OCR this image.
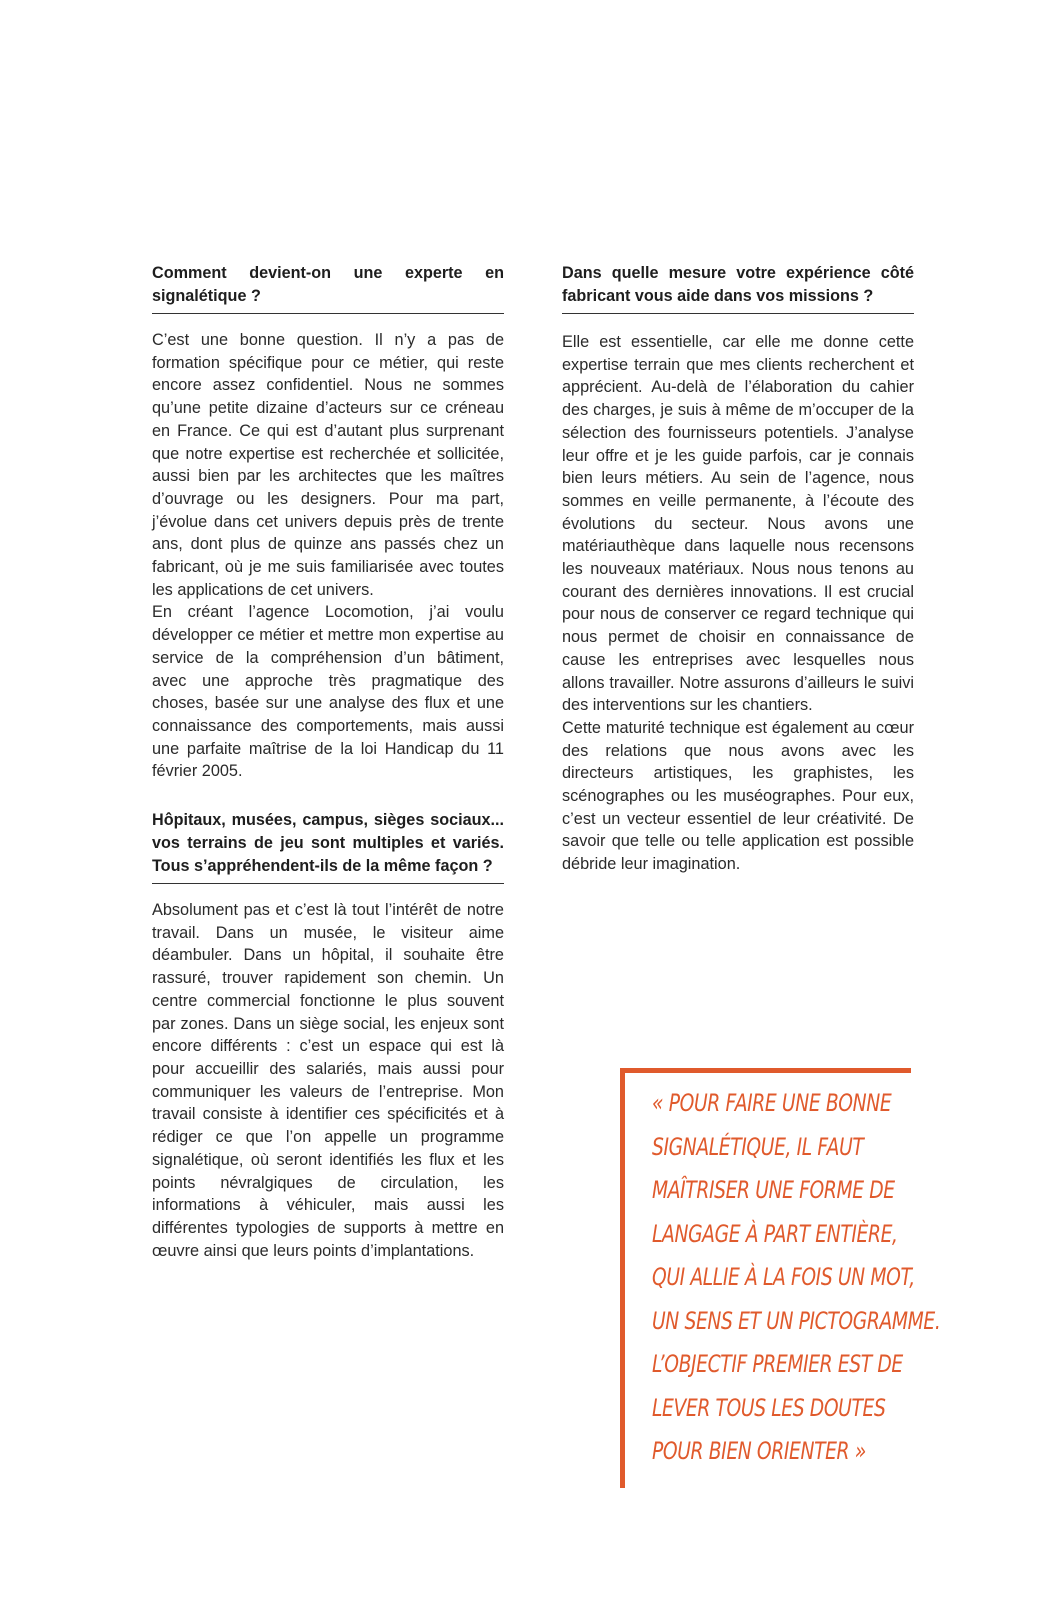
Comment devient-on une experte en signalétique ?

C’est une bonne question. Il n’y a pas de formation spécifique pour ce métier, qui reste encore assez confidentiel. Nous ne sommes qu’une petite dizaine d’acteurs sur ce créneau en France. Ce qui est d’autant plus surprenant que notre expertise est recherchée et sollicitée, aussi bien par les architectes que les maîtres d’ouvrage ou les designers. Pour ma part, j’évolue dans cet univers depuis près de trente ans, dont plus de quinze ans passés chez un fabricant, où je me suis familiarisée avec toutes les applications de cet univers.

En créant l’agence Locomotion, j’ai voulu développer ce métier et mettre mon expertise au service de la compréhension d’un bâtiment, avec une approche très pragmatique des choses, basée sur une analyse des flux et une connaissance des comportements, mais aussi une parfaite maîtrise de la loi Handicap du 11 février 2005.

Hôpitaux, musées, campus, sièges sociaux... vos terrains de jeu sont multiples et variés. Tous s’appréhendent-ils de la même façon ?

Absolument pas et c’est là tout l’intérêt de notre travail. Dans un musée, le visiteur aime déambuler. Dans un hôpital, il souhaite être rassuré, trouver rapidement son chemin. Un centre commercial fonctionne le plus souvent par zones. Dans un siège social, les enjeux sont encore différents : c’est un espace qui est là pour accueillir des salariés, mais aussi pour communiquer les valeurs de l’entreprise. Mon travail consiste à identifier ces spécificités et à rédiger ce que l’on appelle un programme signalétique, où seront identifiés les flux et les points névralgiques de circulation, les informations à véhiculer, mais aussi les différentes typologies de supports à mettre en œuvre ainsi que leurs points d’implantations.

Dans quelle mesure votre expérience côté fabricant vous aide dans vos missions ?

Elle est essentielle, car elle me donne cette expertise terrain que mes clients recherchent et apprécient. Au-delà de l’élaboration du cahier des charges, je suis à même de m’occuper de la sélection des fournisseurs potentiels. J’analyse leur offre et je les guide parfois, car je connais bien leurs métiers. Au sein de l’agence, nous sommes en veille permanente, à l’écoute des évolutions du secteur. Nous avons une matériauthèque dans laquelle nous recensons les nouveaux matériaux. Nous nous tenons au courant des dernières innovations. Il est crucial pour nous de conserver ce regard technique qui nous permet de choisir en connaissance de cause les entreprises avec lesquelles nous allons travailler. Notre assurons d’ailleurs le suivi des interventions sur les chantiers.

Cette maturité technique est également au cœur des relations que nous avons avec les directeurs artistiques, les graphistes, les scénographes ou les muséographes. Pour eux, c’est un vecteur essentiel de leur créativité. De savoir que telle ou telle application est possible débride leur imagination.

« POUR FAIRE UNE BONNE
SIGNALÉTIQUE, IL FAUT
MAÎTRISER UNE FORME DE
LANGAGE À PART ENTIÈRE,
QUI ALLIE À LA FOIS UN MOT,
UN SENS ET UN PICTOGRAMME.
L’OBJECTIF PREMIER EST DE
LEVER TOUS LES DOUTES
POUR BIEN ORIENTER »
